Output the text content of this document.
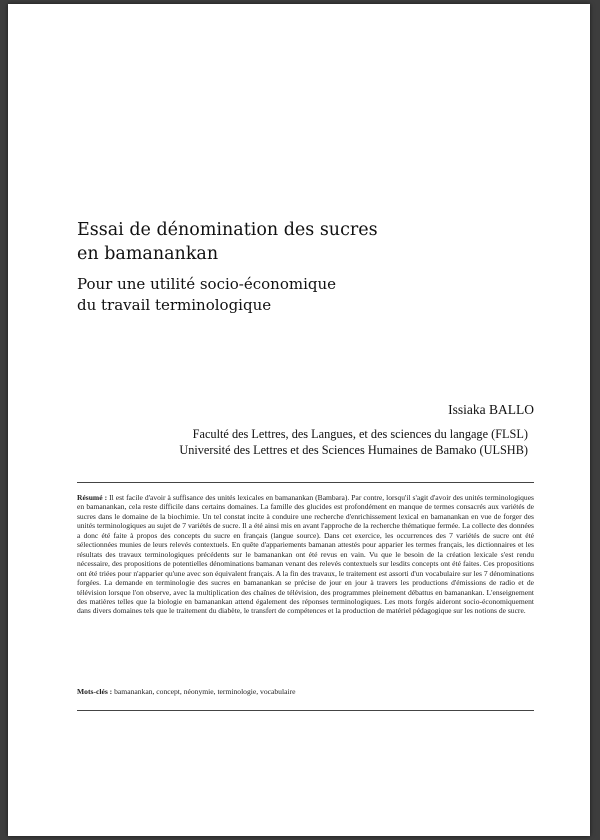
Essai de dénomination des sucres
en bamanankan
Pour une utilité socio-économique
du travail terminologique
Issiaka BALLO
Faculté des Lettres, des Langues, et des sciences du langage (FLSL)
Université des Lettres et des Sciences Humaines de Bamako (ULSHB)

Résumé : Il est facile d'avoir à suffisance des unités lexicales en bamanankan (Bambara). Par contre, lorsqu'il s'agit d'avoir des unités terminologiques en bamanankan, cela reste difficile dans certains domaines. La famille des glucides est profondément en manque de termes consacrés aux variétés de sucres dans le domaine de la biochimie. Un tel constat incite à conduire une recherche d'enrichissement lexical en bamanankan en vue de forger des unités terminologiques au sujet de 7 variétés de sucre. Il a été ainsi mis en avant l'approche de la recherche thématique fermée. La collecte des données a donc été faite à propos des concepts du sucre en français (langue source). Dans cet exercice, les occurrences des 7 variétés de sucre ont été sélectionnées munies de leurs relevés contextuels. En quête d'appariements bamanan attestés pour apparier les termes français, les dictionnaires et les résultats des travaux terminologiques précédents sur le bamanankan ont été revus en vain. Vu que le besoin de la création lexicale s'est rendu nécessaire, des propositions de potentielles dénominations bamanan venant des relevés contextuels sur lesdits concepts ont été faites. Ces propositions ont été triées pour n'apparier qu'une avec son équivalent français. A la fin des travaux, le traitement est assorti d'un vocabulaire sur les 7 dénominations forgées. La demande en terminologie des sucres en bamanankan se précise de jour en jour à travers les productions d'émissions de radio et de télévision lorsque l'on observe, avec la multiplication des chaînes de télévision, des programmes pleinement débattus en bamanankan. L'enseignement des matières telles que la biologie en bamanankan attend également des réponses terminologiques. Les mots forgés aideront socio-économiquement dans divers domaines tels que le traitement du diabète, le transfert de compétences et la production de matériel pédagogique sur les notions de sucre.

Mots-clés : bamanankan, concept, néonymie, terminologie, vocabulaire
